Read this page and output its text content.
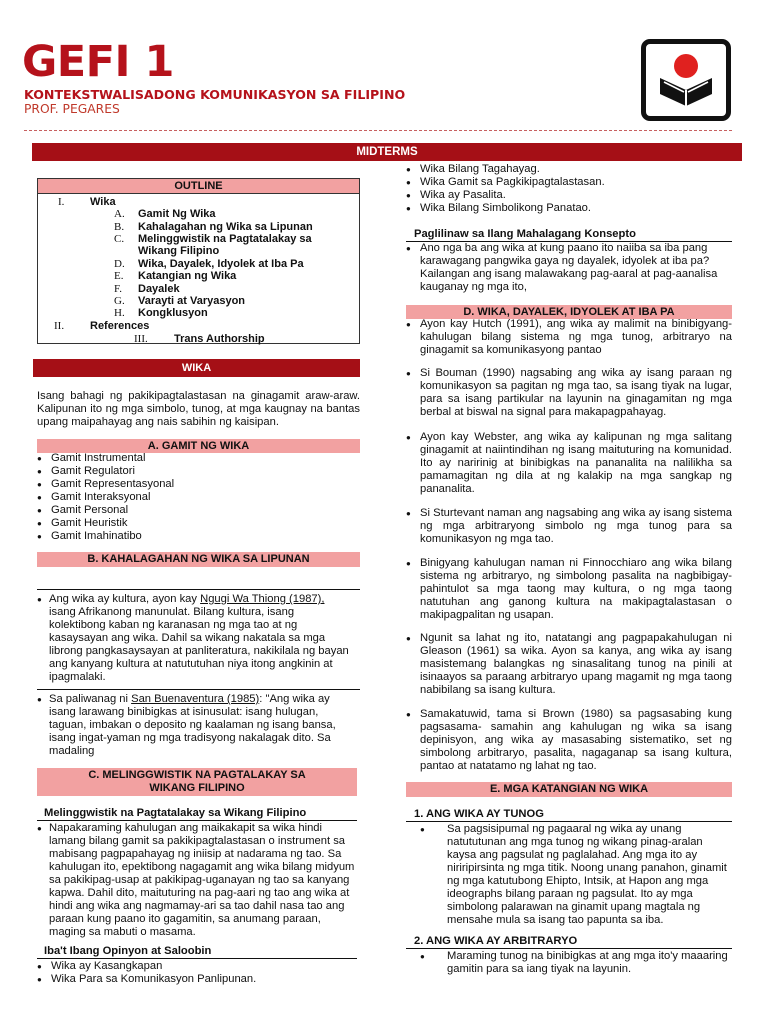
GEFI 1
KONTEKSTWALISADONG KOMUNIKASYON SA FILIPINO
PROF. PEGARES
MIDTERMS
OUTLINE
I. Wika
A. Gamit Ng Wika
B. Kahalagahan ng Wika sa Lipunan
C. Melinggwistik na Pagtatalakay sa Wikang Filipino
D. Wika, Dayalek, Idyolek at Iba Pa
E. Katangian ng Wika
F. Dayalek
G. Varayti at Varyasyon
H. Kongklusyon
II. References
III. Trans Authorship
WIKA
Isang bahagi ng pakikipagtalastasan na ginagamit araw-araw. Kalipunan ito ng mga simbolo, tunog, at mga kaugnay na bantas upang maipahayag ang nais sabihin ng kaisipan.
A. GAMIT NG WIKA
● Gamit Instrumental
● Gamit Regulatori
● Gamit Representasyonal
● Gamit Interaksyonal
● Gamit Personal
● Gamit Heuristik
● Gamit Imahinatibo
B. KAHALAGAHAN NG WIKA SA LIPUNAN
● Ang wika ay kultura, ayon kay Ngugi Wa Thiong (1987), isang Afrikanong manunulat. Bilang kultura, isang kolektibong kaban ng karanasan ng mga tao at ng kasaysayan ang wika. Dahil sa wikang nakatala sa mga librong pangkasaysayan at panliteratura, nakikilala ng bayan ang kanyang kultura at natututuhan niya itong angkinin at ipagmalaki.
● Sa paliwanag ni San Buenaventura (1985): "Ang wika ay isang larawang binibigkas at isinusulat: isang hulugan, taguan, imbakan o deposito ng kaalaman ng isang bansa, isang ingat-yaman ng mga tradisyong nakalagak dito. Sa madaling
C. MELINGGWISTIK NA PAGTALAKAY SA WIKANG FILIPINO
Melinggwistik na Pagtatalakay sa Wikang Filipino
● Napakaraming kahulugan ang maikakapit sa wika hindi lamang bilang gamit sa pakikipagtalastasan o instrument sa mabisang pagpapahayag ng iniisip at nadarama ng tao. Sa kahulugan ito, epektibong nagagamit ang wika bilang midyum sa pakikipag-usap at pakikipag-uganayan ng tao sa kanyang kapwa. Dahil dito, maituturing na pag-aari ng tao ang wika at hindi ang wika ang nagmamay-ari sa tao dahil nasa tao ang paraan kung paano ito gagamitin, sa anumang paraan, maging sa mabuti o masama.
Iba't Ibang Opinyon at Saloobin
● Wika ay Kasangkapan
● Wika Para sa Komunikasyon Panlipunan.
● Wika Bilang Tagahayag.
● Wika Gamit sa Pagkikipagtalastasan.
● Wika ay Pasalita.
● Wika Bilang Simbolikong Panatao.
Paglilinaw sa Ilang Mahalagang Konsepto
● Ano nga ba ang wika at kung paano ito naiiba sa iba pang karawagang pangwika gaya ng dayalek, idyolek at iba pa? Kailangan ang isang malawakang pag-aaral at pag-aanalisa kauganay ng mga ito,
D. WIKA, DAYALEK, IDYOLEK AT IBA PA
● Ayon kay Hutch (1991), ang wika ay malimit na binibigyang-kahulugan bilang sistema ng mga tunog, arbitraryo na ginagamit sa komunikasyong pantao
● Si Bouman (1990) nagsabing ang wika ay isang paraan ng komunikasyon sa pagitan ng mga tao, sa isang tiyak na lugar, para sa isang partikular na layunin na ginagamitan ng mga berbal at biswal na signal para makapagpahayag.
● Ayon kay Webster, ang wika ay kalipunan ng mga salitang ginagamit at naiintindihan ng isang maituturing na komunidad. Ito ay naririnig at binibigkas na pananalita na nalilikha sa pamamagitan ng dila at ng kalakip na mga sangkap ng pananalita.
● Si Sturtevant naman ang nagsabing ang wika ay isang sistema ng mga arbitraryong simbolo ng mga tunog para sa komunikasyon ng mga tao.
● Binigyang kahulugan naman ni Finnocchiaro ang wika bilang sistema ng arbitraryo, ng simbolong pasalita na nagbibigay-pahintulot sa mga taong may kultura, o ng mga taong natutuhan ang ganong kultura na makipagtalastasan o makipagpalitan ng usapan.
● Ngunit sa lahat ng ito, natatangi ang pagpapakahulugan ni Gleason (1961) sa wika. Ayon sa kanya, ang wika ay isang masistemang balangkas ng sinasalitang tunog na pinili at isinaayos sa paraang arbitraryo upang magamit ng mga taong nabibilang sa isang kultura.
● Samakatuwid, tama si Brown (1980) sa pagsasabing kung pagsasama- samahin ang kahulugan ng wika sa isang depinisyon, ang wika ay masasabing sistematiko, set ng simbolong arbitraryo, pasalita, nagaganap sa isang kultura, pantao at natatamo ng lahat ng tao.
E. MGA KATANGIAN NG WIKA
1. ANG WIKA AY TUNOG
● Sa pagsisipumal ng pagaaral ng wika ay unang natututunan ang mga tunog ng wikang pinag-aralan kaysa ang pagsulat ng paglalahad. Ang mga ito ay niriripirsinta ng mga titik. Noong unang panahon, ginamit ng mga katutubong Ehipto, Intsik, at Hapon ang mga ideographs bilang paraan ng pagsulat. Ito ay mga simbolong palarawan na ginamit upang magtala ng mensahe mula sa isang tao papunta sa iba.
2. ANG WIKA AY ARBITRARYO
● Maraming tunog na binibigkas at ang mga ito'y maaaring gamitin para sa iang tiyak na layunin.
